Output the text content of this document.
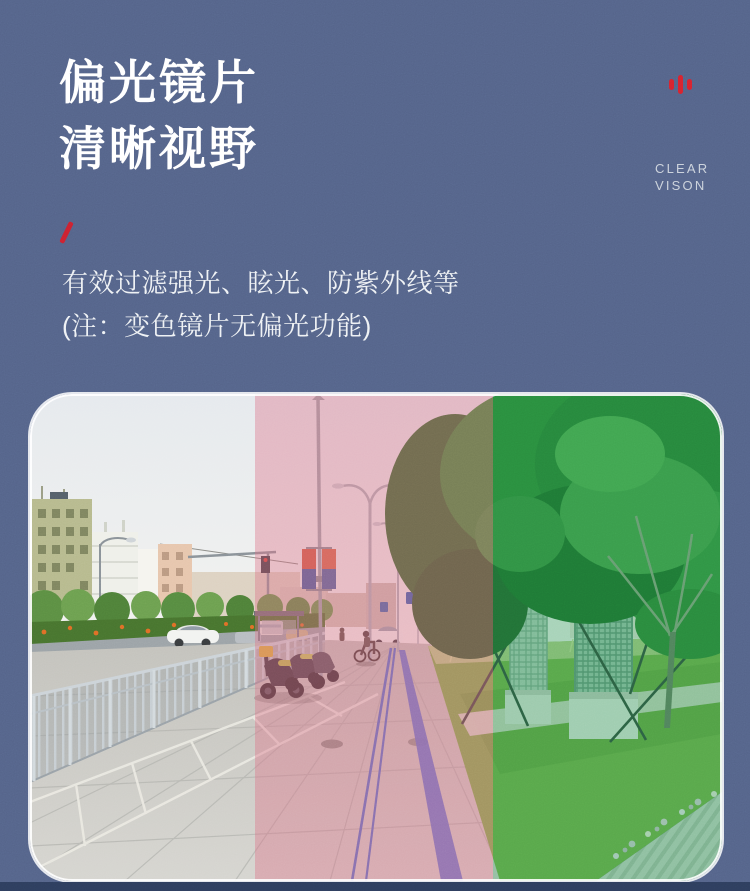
偏光镜片
清晰视野

有效过滤强光、眩光、防紫外线等
(注：变色镜片无偏光功能)

CLEAR
VISON
